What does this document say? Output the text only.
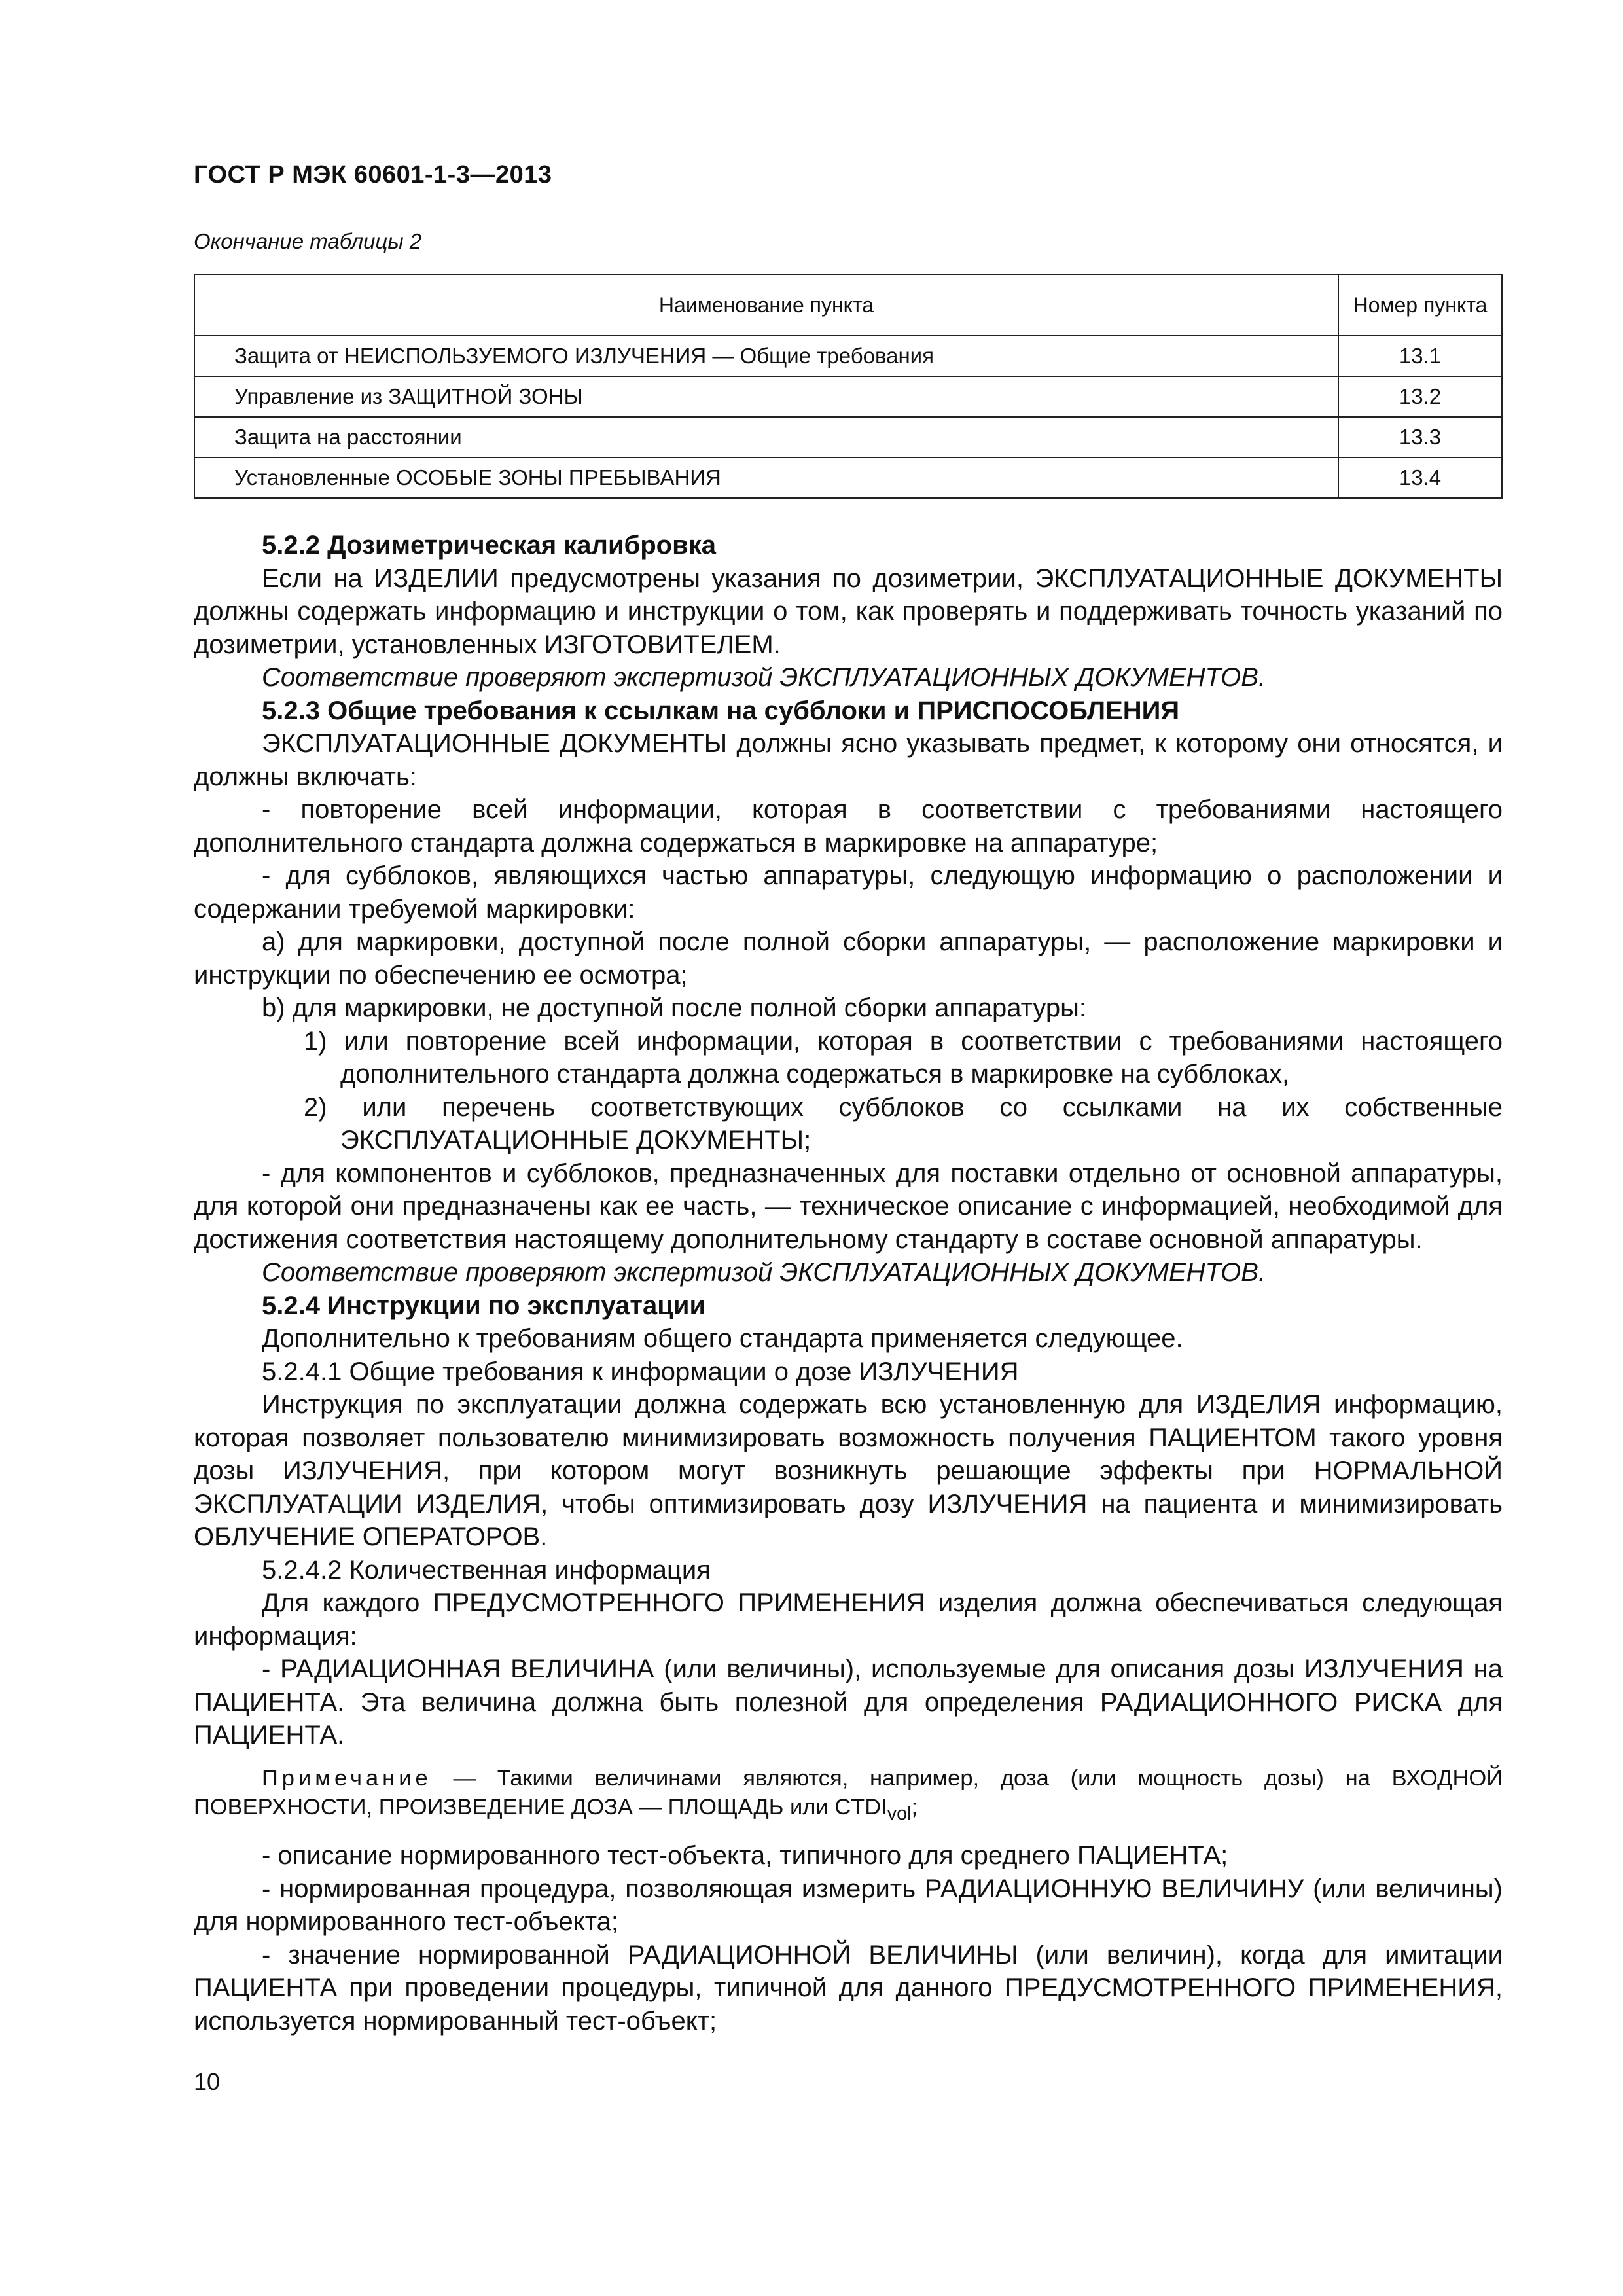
ГОСТ Р МЭК 60601-1-3—2013
Окончание таблицы 2
Наименование пункта	Номер пункта
Защита от НЕИСПОЛЬЗУЕМОГО ИЗЛУЧЕНИЯ — Общие требования	13.1
Управление из ЗАЩИТНОЙ ЗОНЫ	13.2
Защита на расстоянии	13.3
Установленные ОСОБЫЕ ЗОНЫ ПРЕБЫВАНИЯ	13.4

5.2.2 Дозиметрическая калибровка

Если на ИЗДЕЛИИ предусмотрены указания по дозиметрии, ЭКСПЛУАТАЦИОННЫЕ ДОКУМЕНТЫ должны содержать информацию и инструкции о том, как проверять и поддерживать точность указаний по дозиметрии, установленных ИЗГОТОВИТЕЛЕМ.

Соответствие проверяют экспертизой ЭКСПЛУАТАЦИОННЫХ ДОКУМЕНТОВ.

5.2.3 Общие требования к ссылкам на субблоки и ПРИСПОСОБЛЕНИЯ

ЭКСПЛУАТАЦИОННЫЕ ДОКУМЕНТЫ должны ясно указывать предмет, к которому они относятся, и должны включать:

- повторение всей информации, которая в соответствии с требованиями настоящего дополнительного стандарта должна содержаться в маркировке на аппаратуре;

- для субблоков, являющихся частью аппаратуры, следующую информацию о расположении и содержании требуемой маркировки:

a) для маркировки, доступной после полной сборки аппаратуры, — расположение маркировки и инструкции по обеспечению ее осмотра;

b) для маркировки, не доступной после полной сборки аппаратуры:

1) или повторение всей информации, которая в соответствии с требованиями настоящего дополнительного стандарта должна содержаться в маркировке на субблоках,

2) или перечень соответствующих субблоков со ссылками на их собственные ЭКСПЛУАТАЦИОННЫЕ ДОКУМЕНТЫ;

- для компонентов и субблоков, предназначенных для поставки отдельно от основной аппаратуры, для которой они предназначены как ее часть, — техническое описание с информацией, необходимой для достижения соответствия настоящему дополнительному стандарту в составе основной аппаратуры.

Соответствие проверяют экспертизой ЭКСПЛУАТАЦИОННЫХ ДОКУМЕНТОВ.

5.2.4 Инструкции по эксплуатации

Дополнительно к требованиям общего стандарта применяется следующее.

5.2.4.1 Общие требования к информации о дозе ИЗЛУЧЕНИЯ

Инструкция по эксплуатации должна содержать всю установленную для ИЗДЕЛИЯ информацию, которая позволяет пользователю минимизировать возможность получения ПАЦИЕНТОМ такого уровня дозы ИЗЛУЧЕНИЯ, при котором могут возникнуть решающие эффекты при НОРМАЛЬНОЙ ЭКСПЛУАТАЦИИ ИЗДЕЛИЯ, чтобы оптимизировать дозу ИЗЛУЧЕНИЯ на пациента и минимизировать ОБЛУЧЕНИЕ ОПЕРАТОРОВ.

5.2.4.2 Количественная информация

Для каждого ПРЕДУСМОТРЕННОГО ПРИМЕНЕНИЯ изделия должна обеспечиваться следующая информация:

- РАДИАЦИОННАЯ ВЕЛИЧИНА (или величины), используемые для описания дозы ИЗЛУЧЕНИЯ на ПАЦИЕНТА. Эта величина должна быть полезной для определения РАДИАЦИОННОГО РИСКА для ПАЦИЕНТА.

Примечание — Такими величинами являются, например, доза (или мощность дозы) на ВХОДНОЙ ПОВЕРХНОСТИ, ПРОИЗВЕДЕНИЕ ДОЗА — ПЛОЩАДЬ или $CTDI_{vol}$;

- описание нормированного тест-объекта, типичного для среднего ПАЦИЕНТА;

- нормированная процедура, позволяющая измерить РАДИАЦИОННУЮ ВЕЛИЧИНУ (или величины) для нормированного тест-объекта;

- значение нормированной РАДИАЦИОННОЙ ВЕЛИЧИНЫ (или величин), когда для имитации ПАЦИЕНТА при проведении процедуры, типичной для данного ПРЕДУСМОТРЕННОГО ПРИМЕНЕНИЯ, используется нормированный тест-объект;

10
